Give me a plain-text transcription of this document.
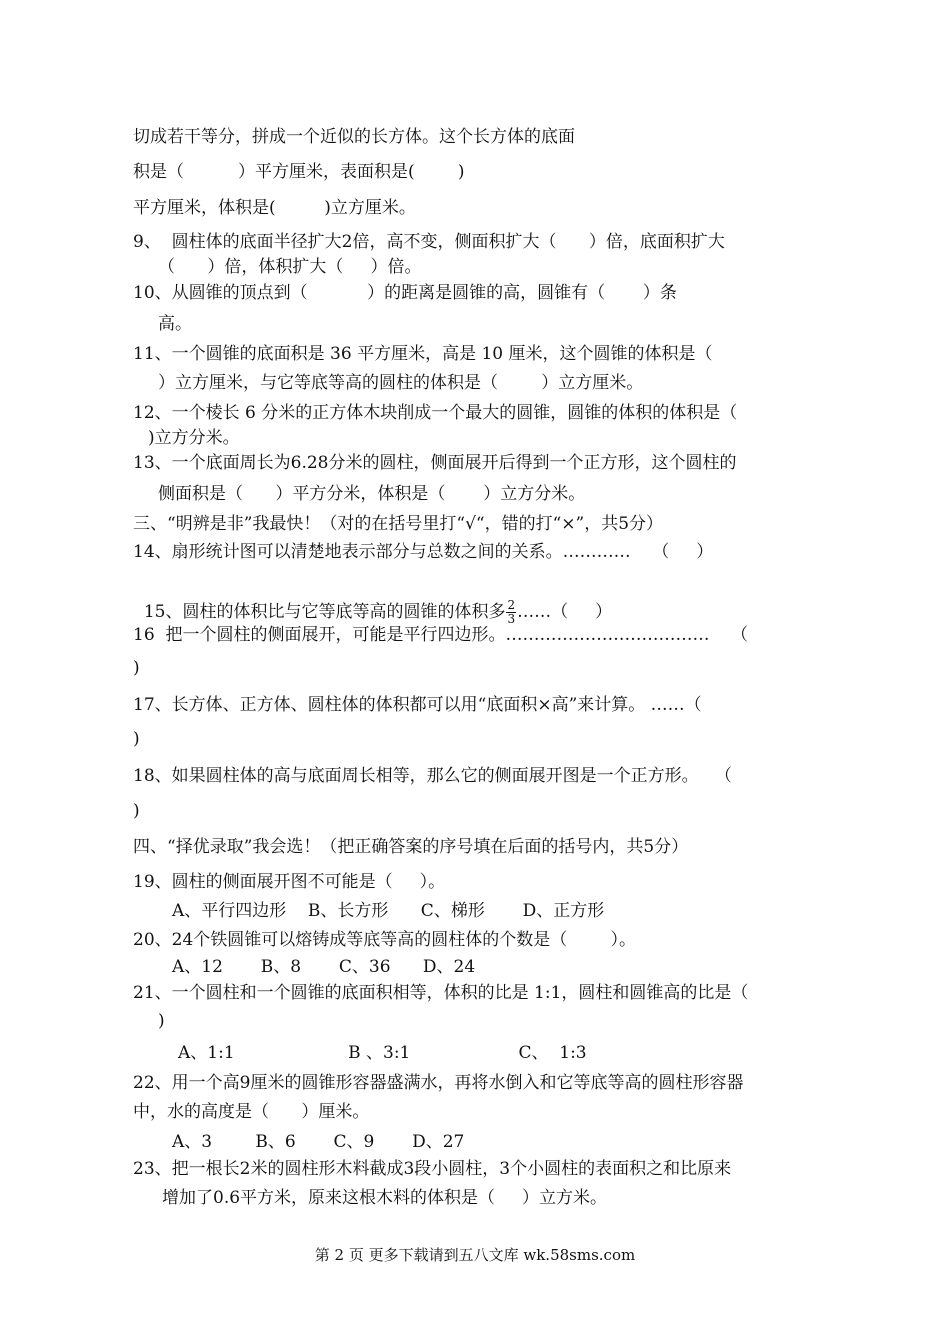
切成若干等分，拼成一个近似的长方体。这个长方体的底面
积是（          ）平方厘米，表面积是(        )
平方厘米，体积是(         )立方厘米。
9、  圆柱体的底面半径扩大2倍，高不变，侧面积扩大（      ）倍，底面积扩大
（      ）倍，体积扩大（     ）倍。
10、从圆锥的顶点到（           ）的距离是圆锥的高，圆锥有（       ）条
高。
11、一个圆锥的底面积是 36 平方厘米，高是 10 厘米，这个圆锥的体积是（
）立方厘米，与它等底等高的圆柱的体积是（        ）立方厘米。
12、一个棱长 6 分米的正方体木块削成一个最大的圆锥，圆锥的体积的体积是（
)立方分米。
13、一个底面周长为6.28分米的圆柱，侧面展开后得到一个正方形，这个圆柱的
侧面积是（      ）平方分米，体积是（       ）立方分米。
三、“明辨是非”我最快！（对的在括号里打“√“，错的打“×”，共5分）
14、扇形统计图可以清楚地表示部分与总数之间的关系。…………    （     ）
16  把一个圆柱的侧面展开，可能是平行四边形。………………………………    （
)
17、长方体、正方体、圆柱体的体积都可以用“底面积×高”来计算。 ……（
)
18、如果圆柱体的高与底面周长相等，那么它的侧面展开图是一个正方形。   （
)
四、“择优录取”我会选！（把正确答案的序号填在后面的括号内，共5分）
19、圆柱的侧面展开图不可能是（     ）。
A、平行四边形    B、长方形      C、梯形       D、正方形
20、24个铁圆锥可以熔铸成等底等高的圆柱体的个数是（        ）。
A、12       B、8       C、36      D、24
21、一个圆柱和一个圆锥的底面积相等，体积的比是 1:1，圆柱和圆锥高的比是（
)
A、1:1                     B 、3:1                    C、  1:3
22、用一个高9厘米的圆锥形容器盛满水，再将水倒入和它等底等高的圆柱形容器
中，水的高度是（      ）厘米。
A、3        B、6       C、9       D、27
23、把一根长2米的圆柱形木料截成3段小圆柱，3个小圆柱的表面积之和比原来
增加了0.6平方米，原来这根木料的体积是（     ）立方米。

15、圆柱的体积比与它等底等高的圆锥的体积多 $\frac{2}{3}$ ……（     ）

第 2 页 更多下载请到五八文库 wk.58sms.com
